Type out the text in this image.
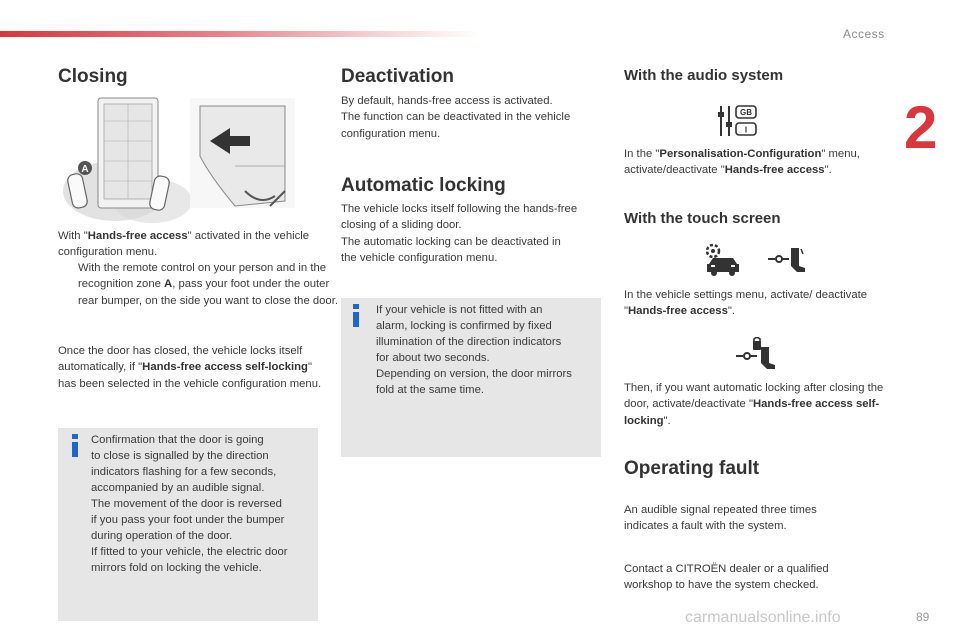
Access
2
Closing
A
With "Hands-free access" activated in the vehicle configuration menu.
With the remote control on your person and in the recognition zone A, pass your foot under the outer rear bumper, on the side you want to close the door.
Once the door has closed, the vehicle locks itself automatically, if "Hands-free access self-locking" has been selected in the vehicle configuration menu.
Confirmation that the door is going
to close is signalled by the direction
indicators flashing for a few seconds,
accompanied by an audible signal.
The movement of the door is reversed
if you pass your foot under the bumper
during operation of the door.
If fitted to your vehicle, the electric door
mirrors fold on locking the vehicle.
Deactivation
By default, hands-free access is activated.
The function can be deactivated in the vehicle
configuration menu.
Automatic locking
The vehicle locks itself following the hands-free
closing of a sliding door.
The automatic locking can be deactivated in
the vehicle configuration menu.
If your vehicle is not fitted with an
alarm, locking is confirmed by fixed
illumination of the direction indicators
for about two seconds.
Depending on version, the door mirrors
fold at the same time.
With the audio system
GB
I
In the "Personalisation-Configuration" menu, activate/deactivate "Hands-free access".
With the touch screen
In the vehicle settings menu, activate/ deactivate "Hands-free access".
Then, if you want automatic locking after closing the door, activate/deactivate "Hands-free access self-locking".
Operating fault
An audible signal repeated three times indicates a fault with the system.
Contact a CITROËN dealer or a qualified workshop to have the system checked.
carmanualsonline.info	89
